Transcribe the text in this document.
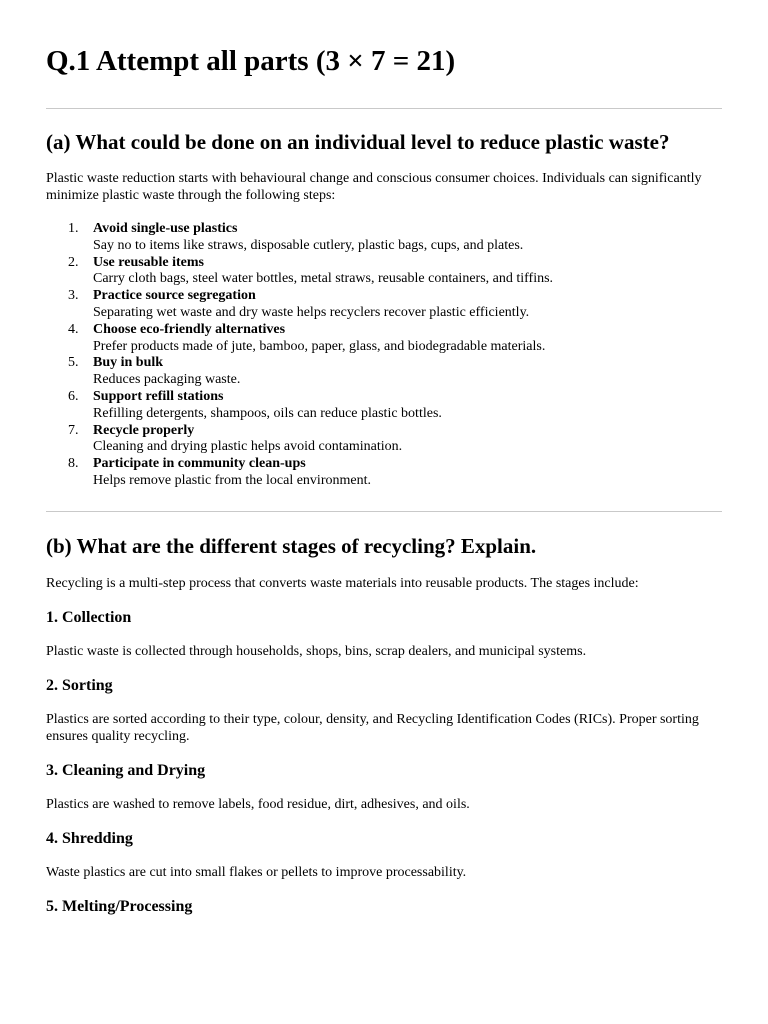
Q.1 Attempt all parts (3 × 7 = 21)
(a) What could be done on an individual level to reduce plastic waste?

Plastic waste reduction starts with behavioural change and conscious consumer choices. Individuals can significantly minimize plastic waste through the following steps:

1. Avoid single-use plastics
Say no to items like straws, disposable cutlery, plastic bags, cups, and plates.
2. Use reusable items
Carry cloth bags, steel water bottles, metal straws, reusable containers, and tiffins.
3. Practice source segregation
Separating wet waste and dry waste helps recyclers recover plastic efficiently.
4. Choose eco-friendly alternatives
Prefer products made of jute, bamboo, paper, glass, and biodegradable materials.
5. Buy in bulk
Reduces packaging waste.
6. Support refill stations
Refilling detergents, shampoos, oils can reduce plastic bottles.
7. Recycle properly
Cleaning and drying plastic helps avoid contamination.
8. Participate in community clean-ups
Helps remove plastic from the local environment.
(b) What are the different stages of recycling? Explain.

Recycling is a multi-step process that converts waste materials into reusable products. The stages include:

1. Collection

Plastic waste is collected through households, shops, bins, scrap dealers, and municipal systems.

2. Sorting

Plastics are sorted according to their type, colour, density, and Recycling Identification Codes (RICs). Proper sorting ensures quality recycling.

3. Cleaning and Drying

Plastics are washed to remove labels, food residue, dirt, adhesives, and oils.

4. Shredding

Waste plastics are cut into small flakes or pellets to improve processability.

5. Melting/Processing
